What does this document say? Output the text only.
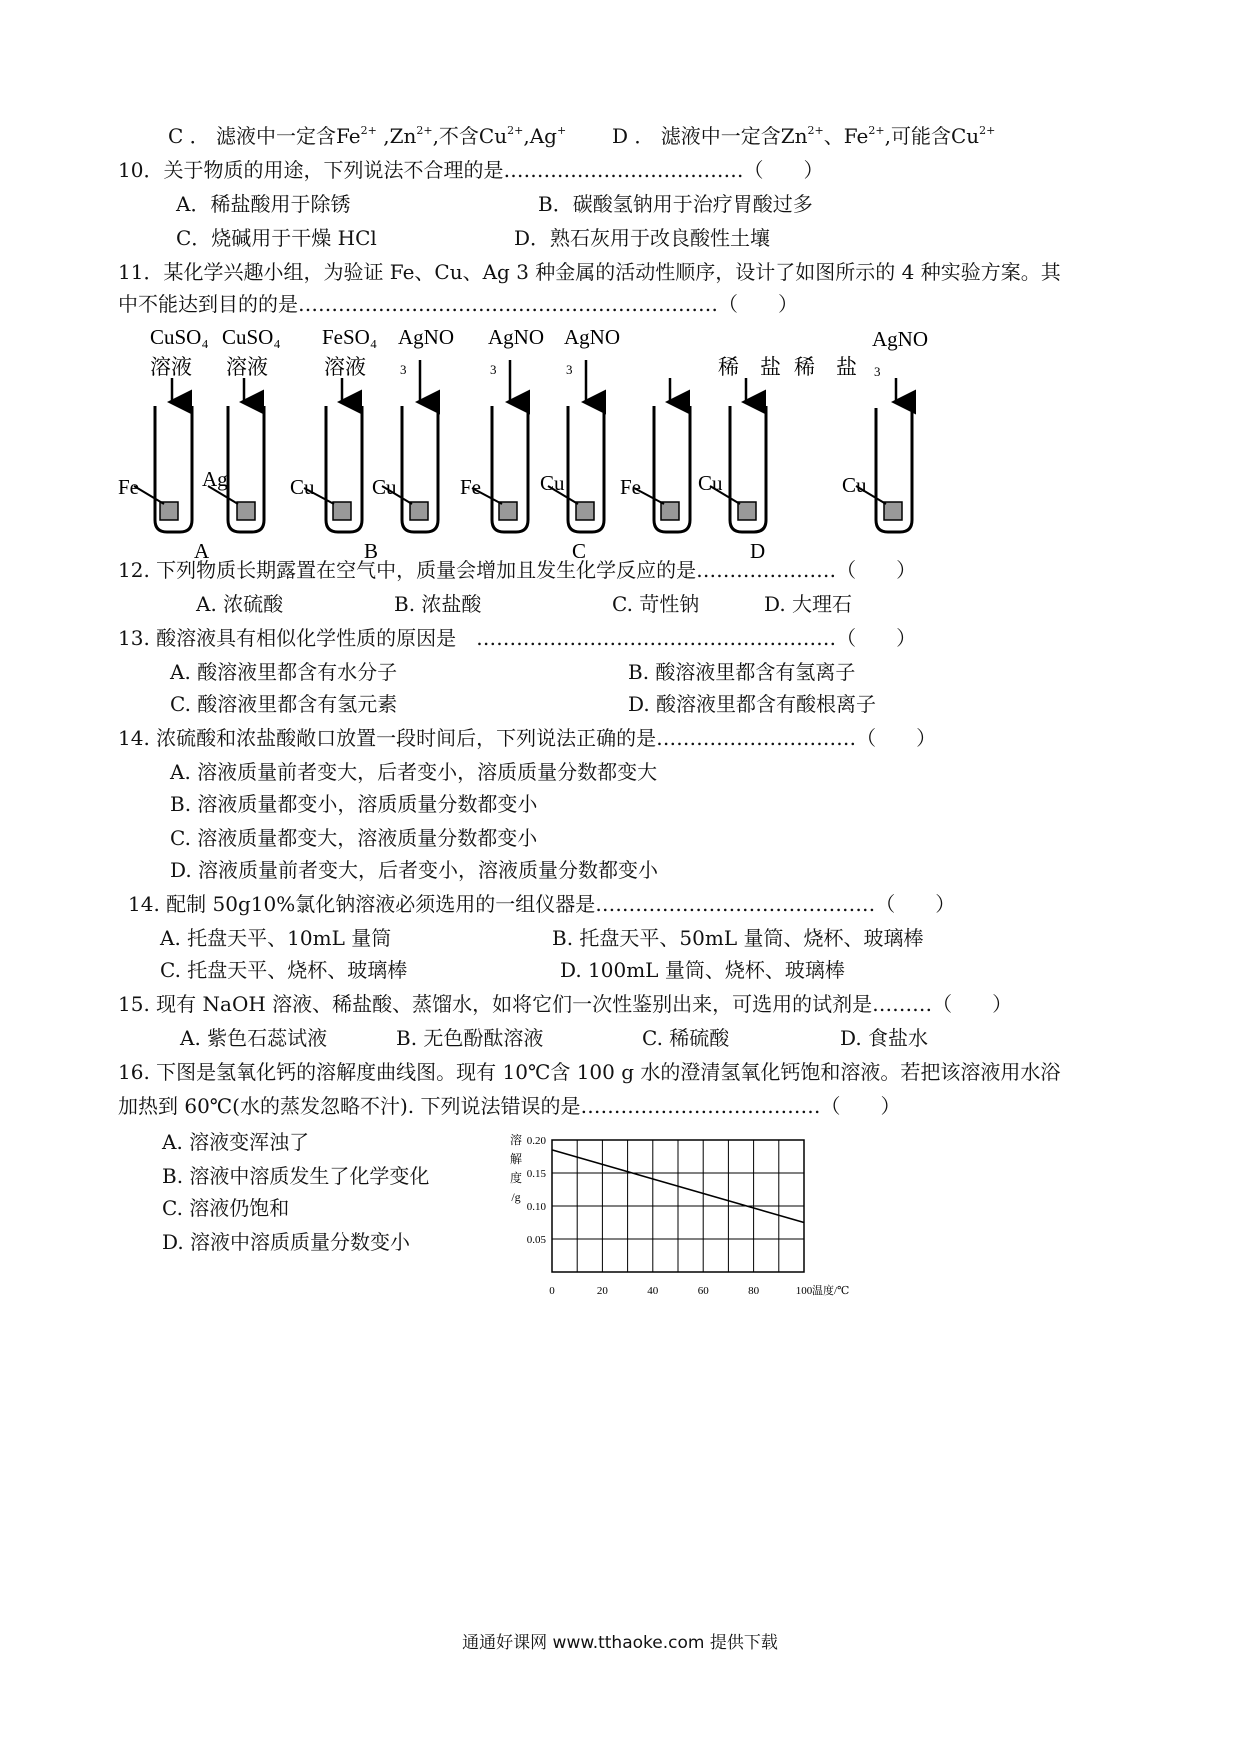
C ． 滤液中一定含$Fe^{2+}$ $,Zn^{2+}$,不含$Cu^{2+},Ag^+$ D ． 滤液中一定含$Zn^{2+}$、$Fe^{2+}$,可能含$Cu^{2+}$
10．关于物质的用途，下列说法不合理的是………………………………（　　）
A．稀盐酸用于除锈	B．碳酸氢钠用于治疗胃酸过多
C．烧碱用于干燥 HCl	D．熟石灰用于改良酸性土壤
11．某化学兴趣小组，为验证 Fe、Cu、Ag 3 种金属的活动性顺序，设计了如图所示的 4 种实验方案。其
中不能达到目的的是………………………………………………………（　　）
CuSO₄
溶液
Fe
CuSO₄
溶液
Ag
A
FeSO₄
溶液
Cu
AgNO
3
Cu
B
AgNO
3
Fe
AgNO
3
Cu
C
稀 盐
Fe
稀 盐
Cu
D
AgNO
3
Cu
12. 下列物质长期露置在空气中，质量会增加且发生化学反应的是…………………（　　）
A. 浓硫酸	B. 浓盐酸	C. 苛性钠	D. 大理石
13. 酸溶液具有相似化学性质的原因是　………………………………………………（　　）
A. 酸溶液里都含有水分子	B. 酸溶液里都含有氢离子
C. 酸溶液里都含有氢元素	D. 酸溶液里都含有酸根离子
14. 浓硫酸和浓盐酸敞口放置一段时间后，下列说法正确的是…………………………（　　）
A. 溶液质量前者变大，后者变小，溶质质量分数都变大
B. 溶液质量都变小，溶质质量分数都变小
C. 溶液质量都变大，溶液质量分数都变小
D. 溶液质量前者变大，后者变小，溶液质量分数都变小
14. 配制 50g10%氯化钠溶液必须选用的一组仪器是……………………………………（　　）
A. 托盘天平、10mL 量筒	B. 托盘天平、50mL 量筒、烧杯、玻璃棒
C. 托盘天平、烧杯、玻璃棒	D. 100mL 量筒、烧杯、玻璃棒
15. 现有 NaOH 溶液、稀盐酸、蒸馏水，如将它们一次性鉴别出来，可选用的试剂是………（　　）
A. 紫色石蕊试液	B. 无色酚酞溶液	C. 稀硫酸	D. 食盐水
16. 下图是氢氧化钙的溶解度曲线图。现有 10℃含 100 g 水的澄清氢氧化钙饱和溶液。若把该溶液用水浴
加热到 60℃(水的蒸发忽略不汁). 下列说法错误的是………………………………（　　）
A. 溶液变浑浊了
B. 溶液中溶质发生了化学变化
C. 溶液仍饱和
D. 溶液中溶质质量分数变小
0.20
0.15
0.10
0.05
0	20	40	60	80	100
溶
解
度
/g
温度/℃
通通好课网 www.tthaoke.com 提供下载
